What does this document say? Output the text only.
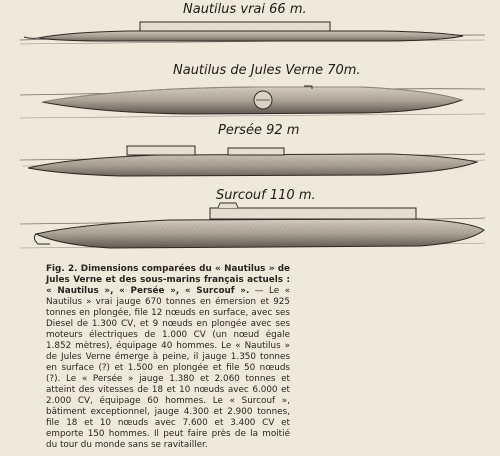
Nautilus vrai 66 m.
Nautilus de Jules Verne 70m.
Persée 92 m
Surcouf 110 m.
Fig. 2. Dimensions comparées du « Nautilus » de Jules Verne et des sous-marins français actuels : « Nautilus », « Persée », « Surcouf ». — Le « Nautilus » vrai jauge 670 tonnes en émersion et 925 tonnes en plongée, file 12 nœuds en surface, avec ses Diesel de 1.300 CV, et 9 nœuds en plongée avec ses moteurs électriques de 1.000 CV (un nœud égale 1.852 mètres), équipage 40 hommes. Le « Nautilus » de Jules Verne émerge à peine, il jauge 1.350 tonnes en surface (?) et 1.500 en plongée et file 50 nœuds (?). Le « Persée » jauge 1.380 et 2.060 tonnes et atteint des vitesses de 18 et 10 nœuds avec 6.000 et 2.000 CV, équipage 60 hommes. Le « Surcouf », bâtiment exceptionnel, jauge 4.300 et 2.900 tonnes, file 18 et 10 nœuds avec 7.600 et 3.400 CV et emporte 150 hommes. Il peut faire près de la moitié du tour du monde sans se ravitailler.
